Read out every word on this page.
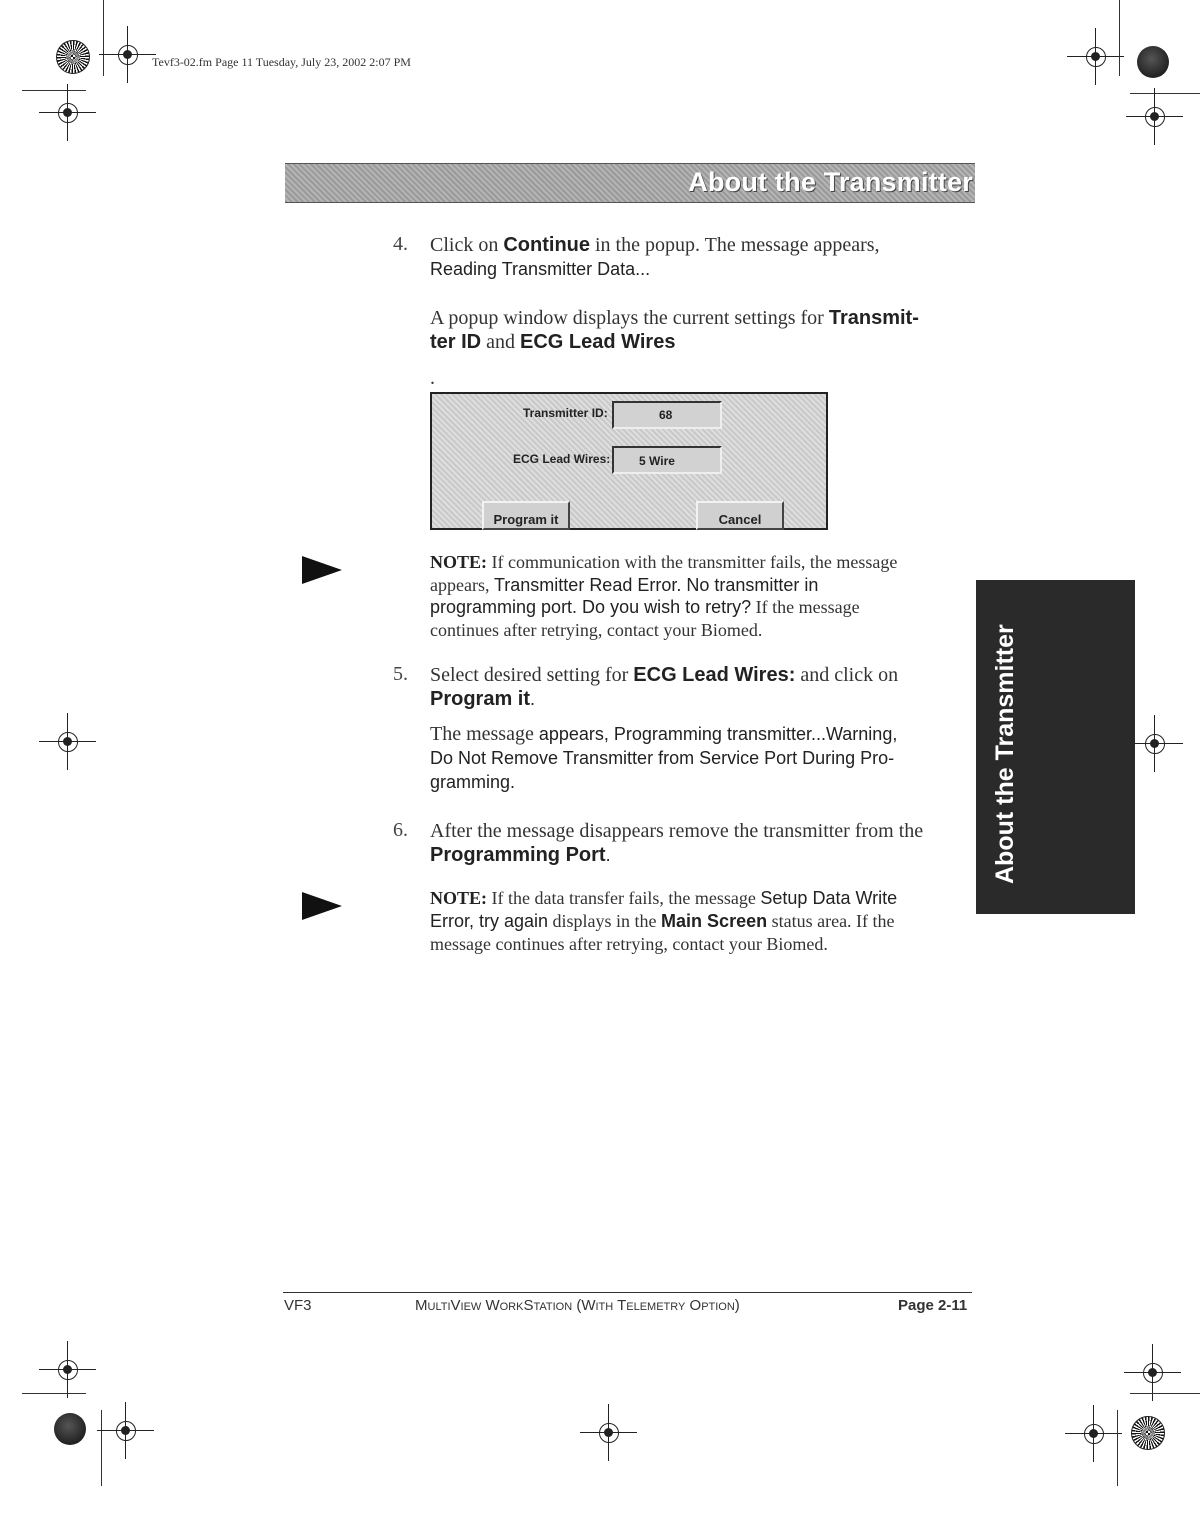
Tevf3-02.fm Page 11 Tuesday, July 23, 2002 2:07 PM
About the Transmitter
4. Click on Continue in the popup. The message appears,
Reading Transmitter Data...
A popup window displays the current settings for Transmit-
ter ID and ECG Lead Wires
.
Transmitter ID:	68
ECG Lead Wires:	5 Wire
Program it	Cancel
NOTE: If communication with the transmitter fails, the message
appears, Transmitter Read Error. No transmitter in
programming port. Do you wish to retry? If the message
continues after retrying, contact your Biomed.
5. Select desired setting for ECG Lead Wires: and click on
Program it.
The message appears, Programming transmitter...Warning,
Do Not Remove Transmitter from Service Port During Pro-
gramming.
6. After the message disappears remove the transmitter from the
Programming Port.
NOTE: If the data transfer fails, the message Setup Data Write
Error, try again displays in the Main Screen status area. If the
message continues after retrying, contact your Biomed.
About the Transmitter
VF3	MultiView WorkStation (With Telemetry Option)	Page 2-11
